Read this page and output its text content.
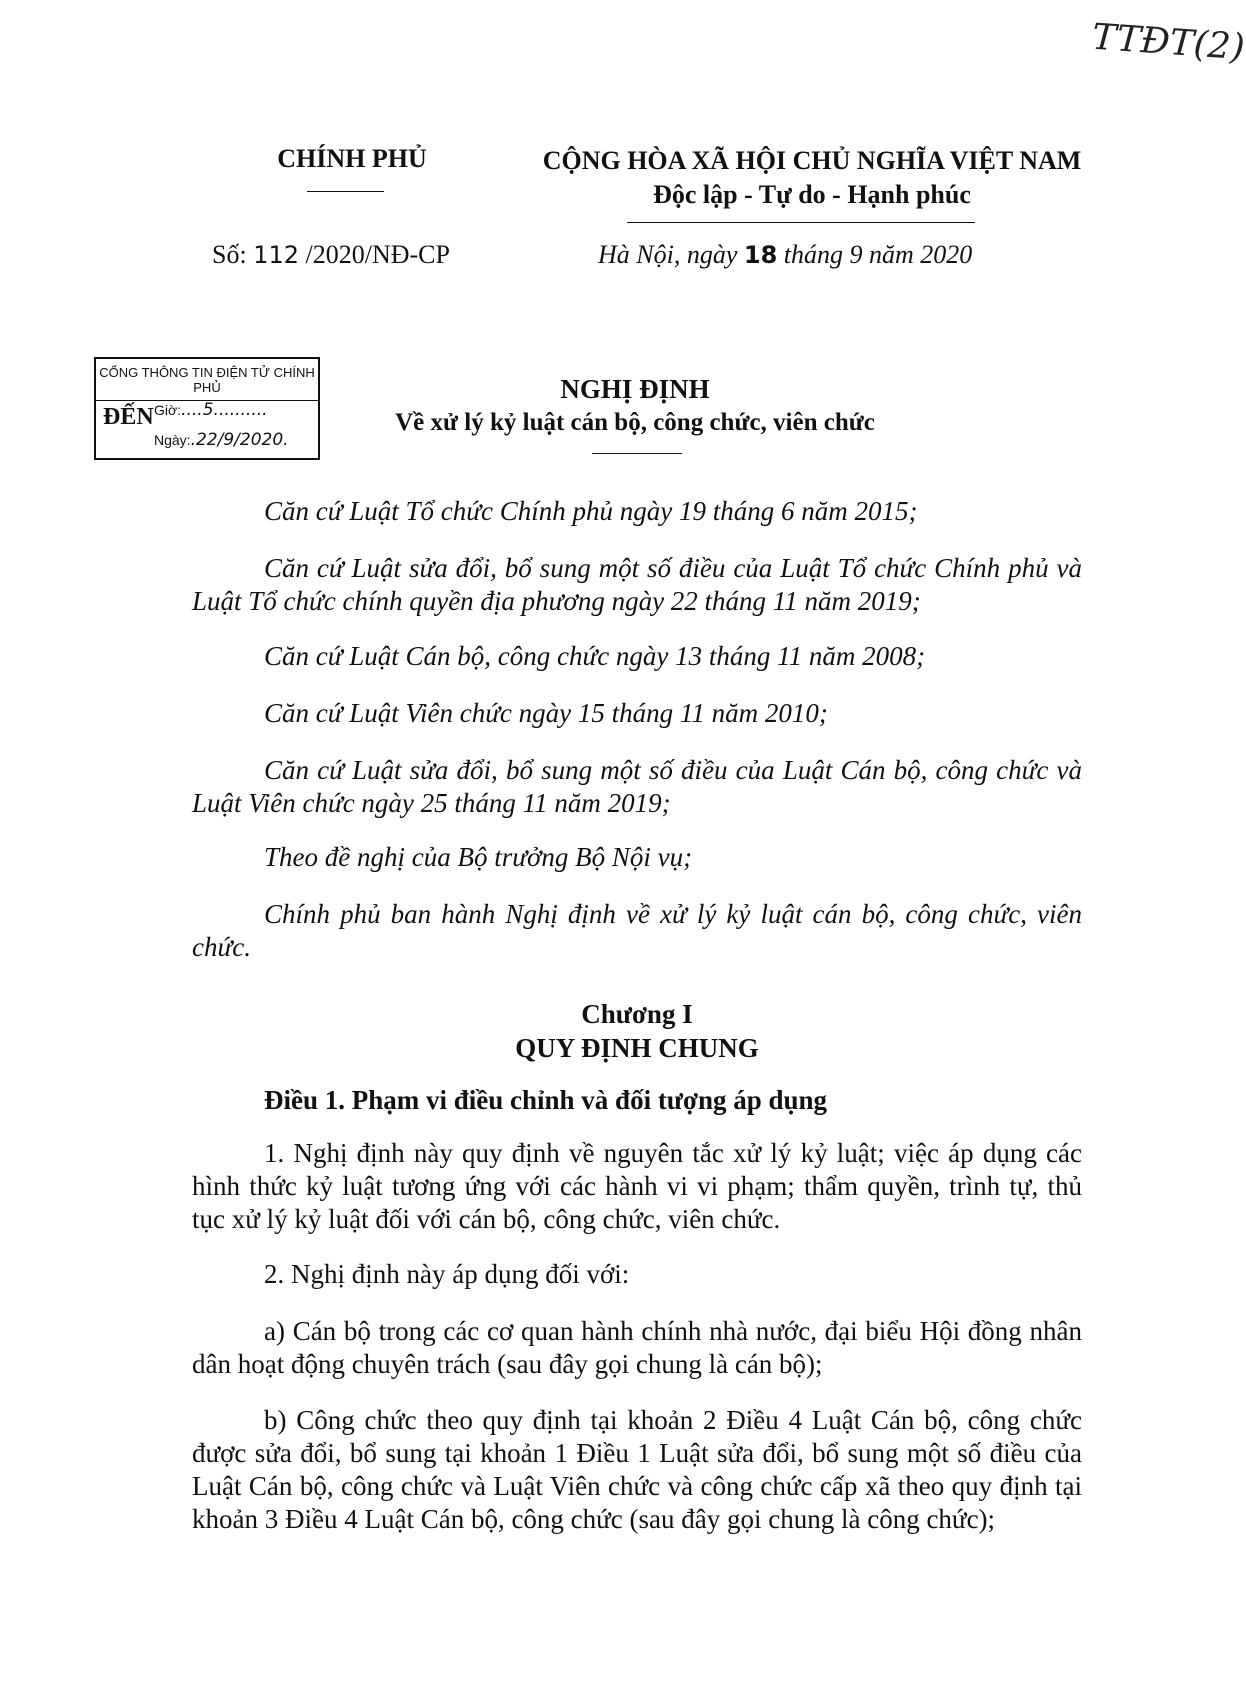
TTĐT(2)
CHÍNH PHỦ	CỘNG HÒA XÃ HỘI CHỦ NGHĨA VIỆT NAM
Độc lập - Tự do - Hạnh phúc
Số: 112 /2020/NĐ-CP	Hà Nội, ngày 18 tháng 9 năm 2020
CỔNG THÔNG TIN ĐIỆN TỬ CHÍNH PHỦ
ĐẾN Giờ:....5..........
Ngày:.22/9/2020.
NGHỊ ĐỊNH
Về xử lý kỷ luật cán bộ, công chức, viên chức

Căn cứ Luật Tổ chức Chính phủ ngày 19 tháng 6 năm 2015;

Căn cứ Luật sửa đổi, bổ sung một số điều của Luật Tổ chức Chính phủ và Luật Tổ chức chính quyền địa phương ngày 22 tháng 11 năm 2019;

Căn cứ Luật Cán bộ, công chức ngày 13 tháng 11 năm 2008;

Căn cứ Luật Viên chức ngày 15 tháng 11 năm 2010;

Căn cứ Luật sửa đổi, bổ sung một số điều của Luật Cán bộ, công chức và Luật Viên chức ngày 25 tháng 11 năm 2019;

Theo đề nghị của Bộ trưởng Bộ Nội vụ;

Chính phủ ban hành Nghị định về xử lý kỷ luật cán bộ, công chức, viên chức.

Chương I
QUY ĐỊNH CHUNG
Điều 1. Phạm vi điều chỉnh và đối tượng áp dụng

1. Nghị định này quy định về nguyên tắc xử lý kỷ luật; việc áp dụng các hình thức kỷ luật tương ứng với các hành vi vi phạm; thẩm quyền, trình tự, thủ tục xử lý kỷ luật đối với cán bộ, công chức, viên chức.

2. Nghị định này áp dụng đối với:

a) Cán bộ trong các cơ quan hành chính nhà nước, đại biểu Hội đồng nhân dân hoạt động chuyên trách (sau đây gọi chung là cán bộ);

b) Công chức theo quy định tại khoản 2 Điều 4 Luật Cán bộ, công chức được sửa đổi, bổ sung tại khoản 1 Điều 1 Luật sửa đổi, bổ sung một số điều của Luật Cán bộ, công chức và Luật Viên chức và công chức cấp xã theo quy định tại khoản 3 Điều 4 Luật Cán bộ, công chức (sau đây gọi chung là công chức);
